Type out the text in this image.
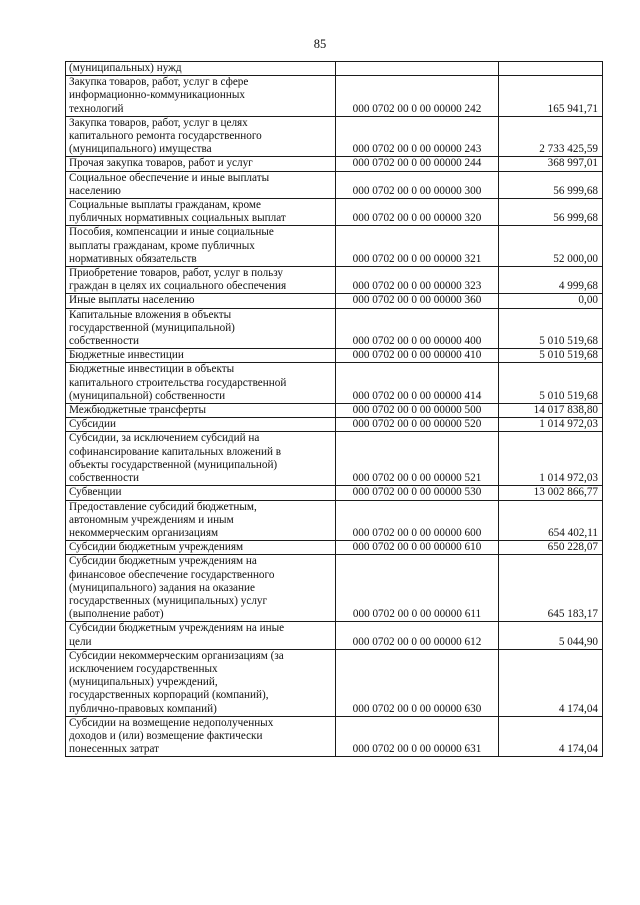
85
(муниципальных) нужд		
Закупка товаров, работ, услуг в сфере
информационно-коммуникационных
технологий	000 0702 00 0 00 00000 242	165 941,71
Закупка товаров, работ, услуг в целях
капитального ремонта государственного
(муниципального) имущества	000 0702 00 0 00 00000 243	2 733 425,59
Прочая закупка товаров, работ и услуг	000 0702 00 0 00 00000 244	368 997,01
Социальное обеспечение и иные выплаты
населению	000 0702 00 0 00 00000 300	56 999,68
Социальные выплаты гражданам, кроме
публичных нормативных социальных выплат	000 0702 00 0 00 00000 320	56 999,68
Пособия, компенсации и иные социальные
выплаты гражданам, кроме публичных
нормативных обязательств	000 0702 00 0 00 00000 321	52 000,00
Приобретение товаров, работ, услуг в пользу
граждан в целях их социального обеспечения	000 0702 00 0 00 00000 323	4 999,68
Иные выплаты населению	000 0702 00 0 00 00000 360	0,00
Капитальные вложения в объекты
государственной (муниципальной)
собственности	000 0702 00 0 00 00000 400	5 010 519,68
Бюджетные инвестиции	000 0702 00 0 00 00000 410	5 010 519,68
Бюджетные инвестиции в объекты
капитального строительства государственной
(муниципальной) собственности	000 0702 00 0 00 00000 414	5 010 519,68
Межбюджетные трансферты	000 0702 00 0 00 00000 500	14 017 838,80
Субсидии	000 0702 00 0 00 00000 520	1 014 972,03
Субсидии, за исключением субсидий на
софинансирование капитальных вложений в
объекты государственной (муниципальной)
собственности	000 0702 00 0 00 00000 521	1 014 972,03
Субвенции	000 0702 00 0 00 00000 530	13 002 866,77
Предоставление субсидий бюджетным,
автономным учреждениям и иным
некоммерческим организациям	000 0702 00 0 00 00000 600	654 402,11
Субсидии бюджетным учреждениям	000 0702 00 0 00 00000 610	650 228,07
Субсидии бюджетным учреждениям на
финансовое обеспечение государственного
(муниципального) задания на оказание
государственных (муниципальных) услуг
(выполнение работ)	000 0702 00 0 00 00000 611	645 183,17
Субсидии бюджетным учреждениям на иные
цели	000 0702 00 0 00 00000 612	5 044,90
Субсидии некоммерческим организациям (за
исключением государственных
(муниципальных) учреждений,
государственных корпораций (компаний),
публично-правовых компаний)	000 0702 00 0 00 00000 630	4 174,04
Субсидии на возмещение недополученных
доходов и (или) возмещение фактически
понесенных затрат	000 0702 00 0 00 00000 631	4 174,04
